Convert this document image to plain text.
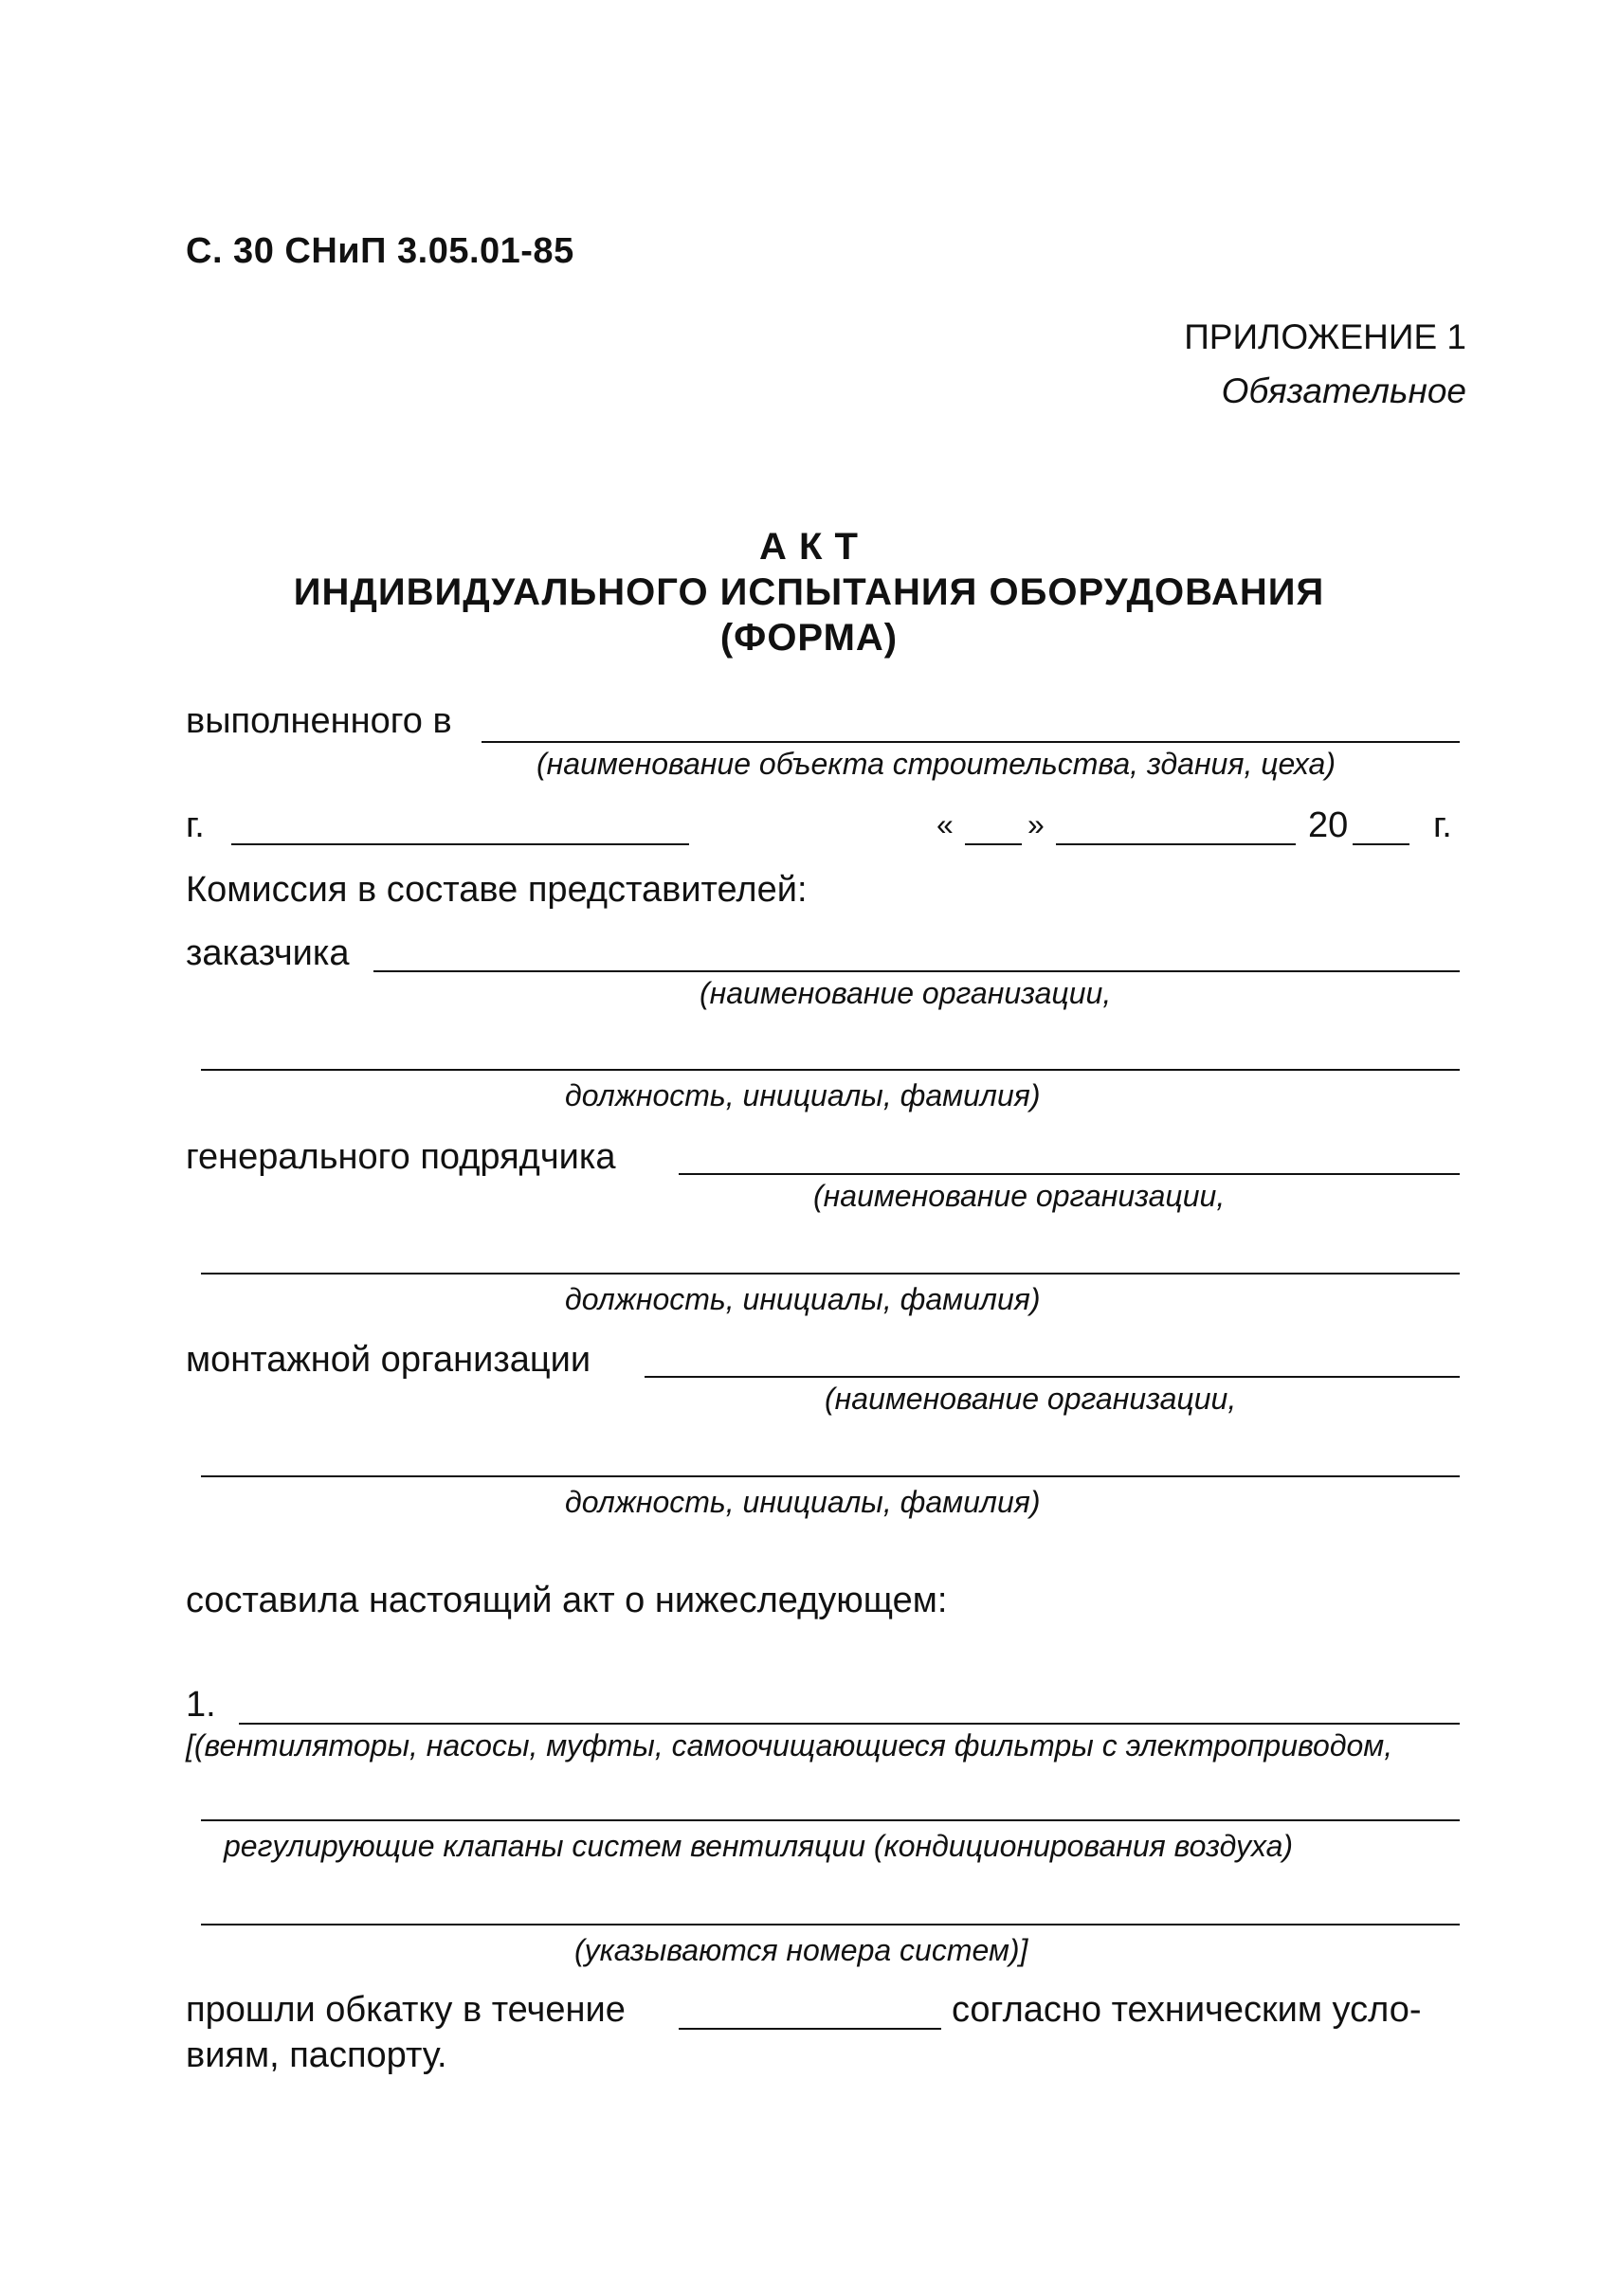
С. 30 СНиП 3.05.01-85
ПРИЛОЖЕНИЕ 1
Обязательное
А К Т
ИНДИВИДУАЛЬНОГО ИСПЫТАНИЯ ОБОРУДОВАНИЯ
(ФОРМА)
выполненного в
(наименование объекта строительства, здания, цеха)
г.	« »	20 г.
Комиссия в составе представителей:
заказчика
(наименование организации,
должность, инициалы, фамилия)
генерального подрядчика
(наименование организации,
должность, инициалы, фамилия)
монтажной организации
(наименование организации,
должность, инициалы, фамилия)
составила настоящий акт о нижеследующем:
1.
[(вентиляторы, насосы, муфты, самоочищающиеся фильтры с электроприводом,
регулирующие клапаны систем вентиляции (кондиционирования воздуха)
(указываются номера систем)]
прошли обкатку в течение	согласно техническим усло-
виям, паспорту.
